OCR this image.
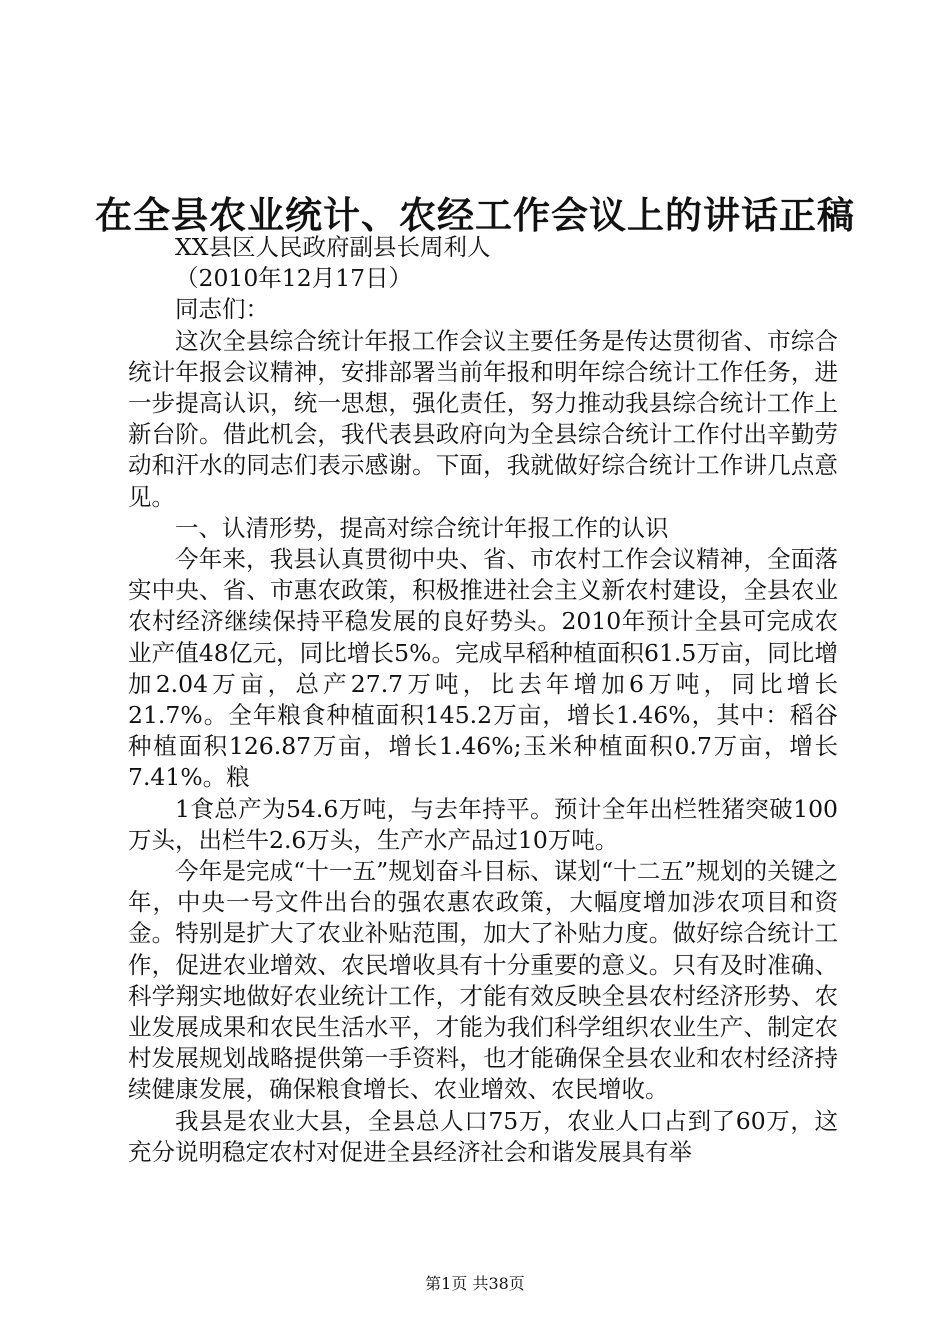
在全县农业统计、农经工作会议上的讲话正稿

XX县区人民政府副县长周利人

（2010年12月17日）

同志们：

这次全县综合统计年报工作会议主要任务是传达贯彻省、市综合统计年报会议精神，安排部署当前年报和明年综合统计工作任务，进一步提高认识，统一思想，强化责任，努力推动我县综合统计工作上新台阶。借此机会，我代表县政府向为全县综合统计工作付出辛勤劳动和汗水的同志们表示感谢。下面，我就做好综合统计工作讲几点意见。

一、认清形势，提高对综合统计年报工作的认识

今年来，我县认真贯彻中央、省、市农村工作会议精神，全面落实中央、省、市惠农政策，积极推进社会主义新农村建设，全县农业农村经济继续保持平稳发展的良好势头。2010年预计全县可完成农业产值48亿元，同比增长5%。完成早稻种植面积61.5万亩，同比增加2.04万亩，总产27.7万吨，比去年增加6万吨，同比增长21.7%。全年粮食种植面积145.2万亩，增长1.46%，其中：稻谷种植面积126.87万亩，增长1.46%;玉米种植面积0.7万亩，增长7.41%。粮

1食总产为54.6万吨，与去年持平。预计全年出栏牲猪突破100万头，出栏牛2.6万头，生产水产品过10万吨。

今年是完成“十一五”规划奋斗目标、谋划“十二五”规划的关键之年，中央一号文件出台的强农惠农政策，大幅度增加涉农项目和资金。特别是扩大了农业补贴范围，加大了补贴力度。做好综合统计工作，促进农业增效、农民增收具有十分重要的意义。只有及时准确、科学翔实地做好农业统计工作，才能有效反映全县农村经济形势、农业发展成果和农民生活水平，才能为我们科学组织农业生产、制定农村发展规划战略提供第一手资料，也才能确保全县农业和农村经济持续健康发展，确保粮食增长、农业增效、农民增收。

我县是农业大县，全县总人口75万，农业人口占到了60万，这充分说明稳定农村对促进全县经济社会和谐发展具有举

第1页 共38页
